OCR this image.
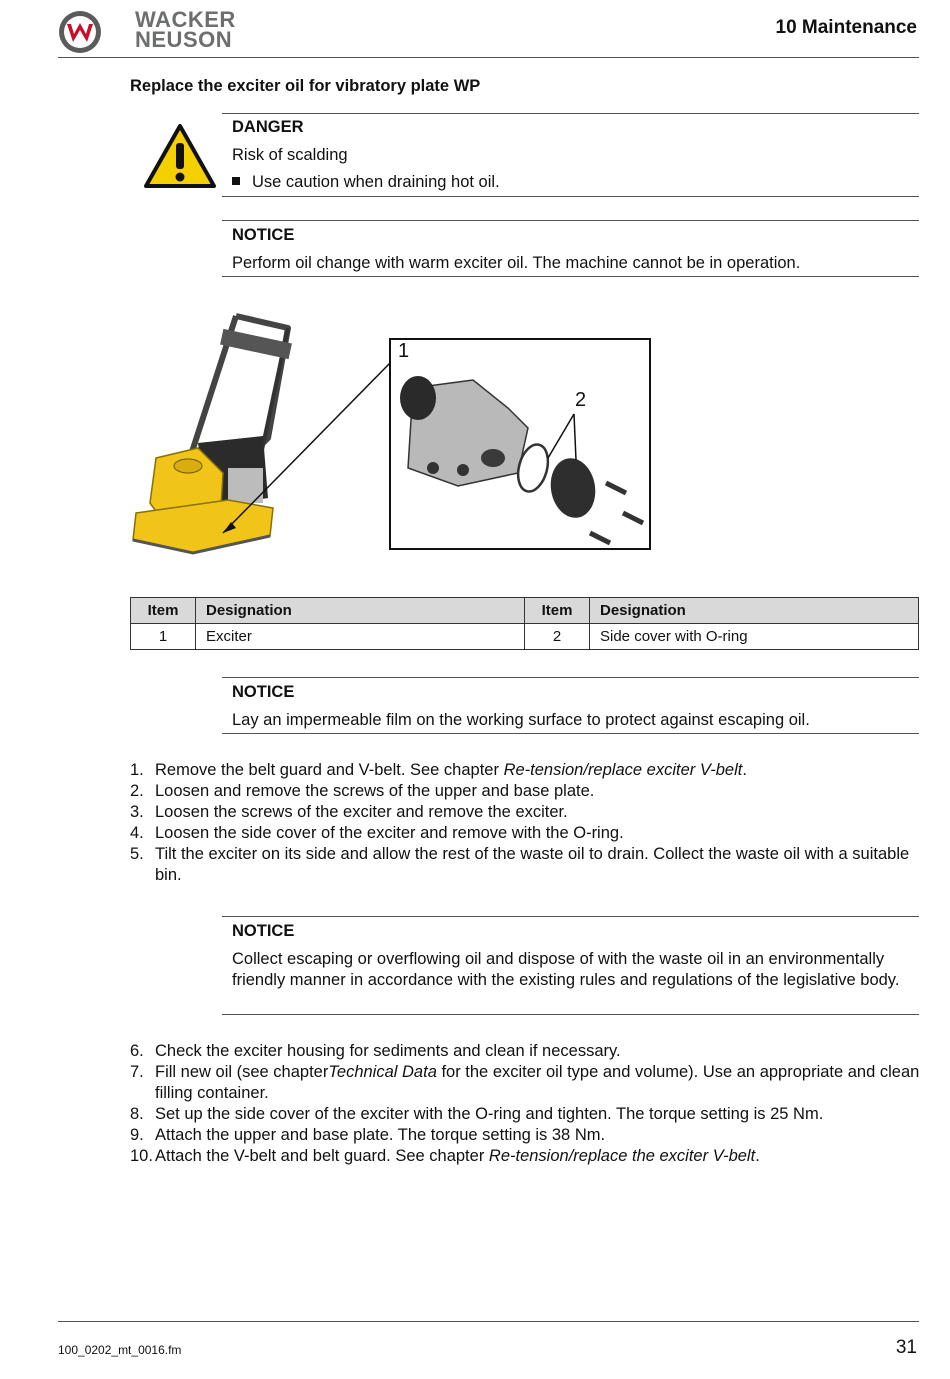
WACKER
NEUSON	10 Maintenance
Replace the exciter oil for vibratory plate WP
DANGER
Risk of scalding
Use caution when draining hot oil.
NOTICE
Perform oil change with warm exciter oil. The machine cannot be in operation.
1
2
Item	Designation	Item	Designation
1	Exciter	2	Side cover with O-ring
NOTICE
Lay an impermeable film on the working surface to protect against escaping oil.
1. Remove the belt guard and V-belt. See chapter Re-tension/replace exciter V-belt.
2. Loosen and remove the screws of the upper and base plate.
3. Loosen the screws of the exciter and remove the exciter.
4. Loosen the side cover of the exciter and remove with the O-ring.
5. Tilt the exciter on its side and allow the rest of the waste oil to drain. Collect the waste oil with a suitable bin.
NOTICE
Collect escaping or overflowing oil and dispose of with the waste oil in an environmentally friendly manner in accordance with the existing rules and regulations of the legislative body.
6. Check the exciter housing for sediments and clean if necessary.
7. Fill new oil (see chapterTechnical Data for the exciter oil type and volume). Use an appropriate and clean filling container.
8. Set up the side cover of the exciter with the O-ring and tighten. The torque setting is 25 Nm.
9. Attach the upper and base plate. The torque setting is 38 Nm.
10. Attach the V-belt and belt guard. See chapter Re-tension/replace the exciter V-belt.
100_0202_mt_0016.fm	31
